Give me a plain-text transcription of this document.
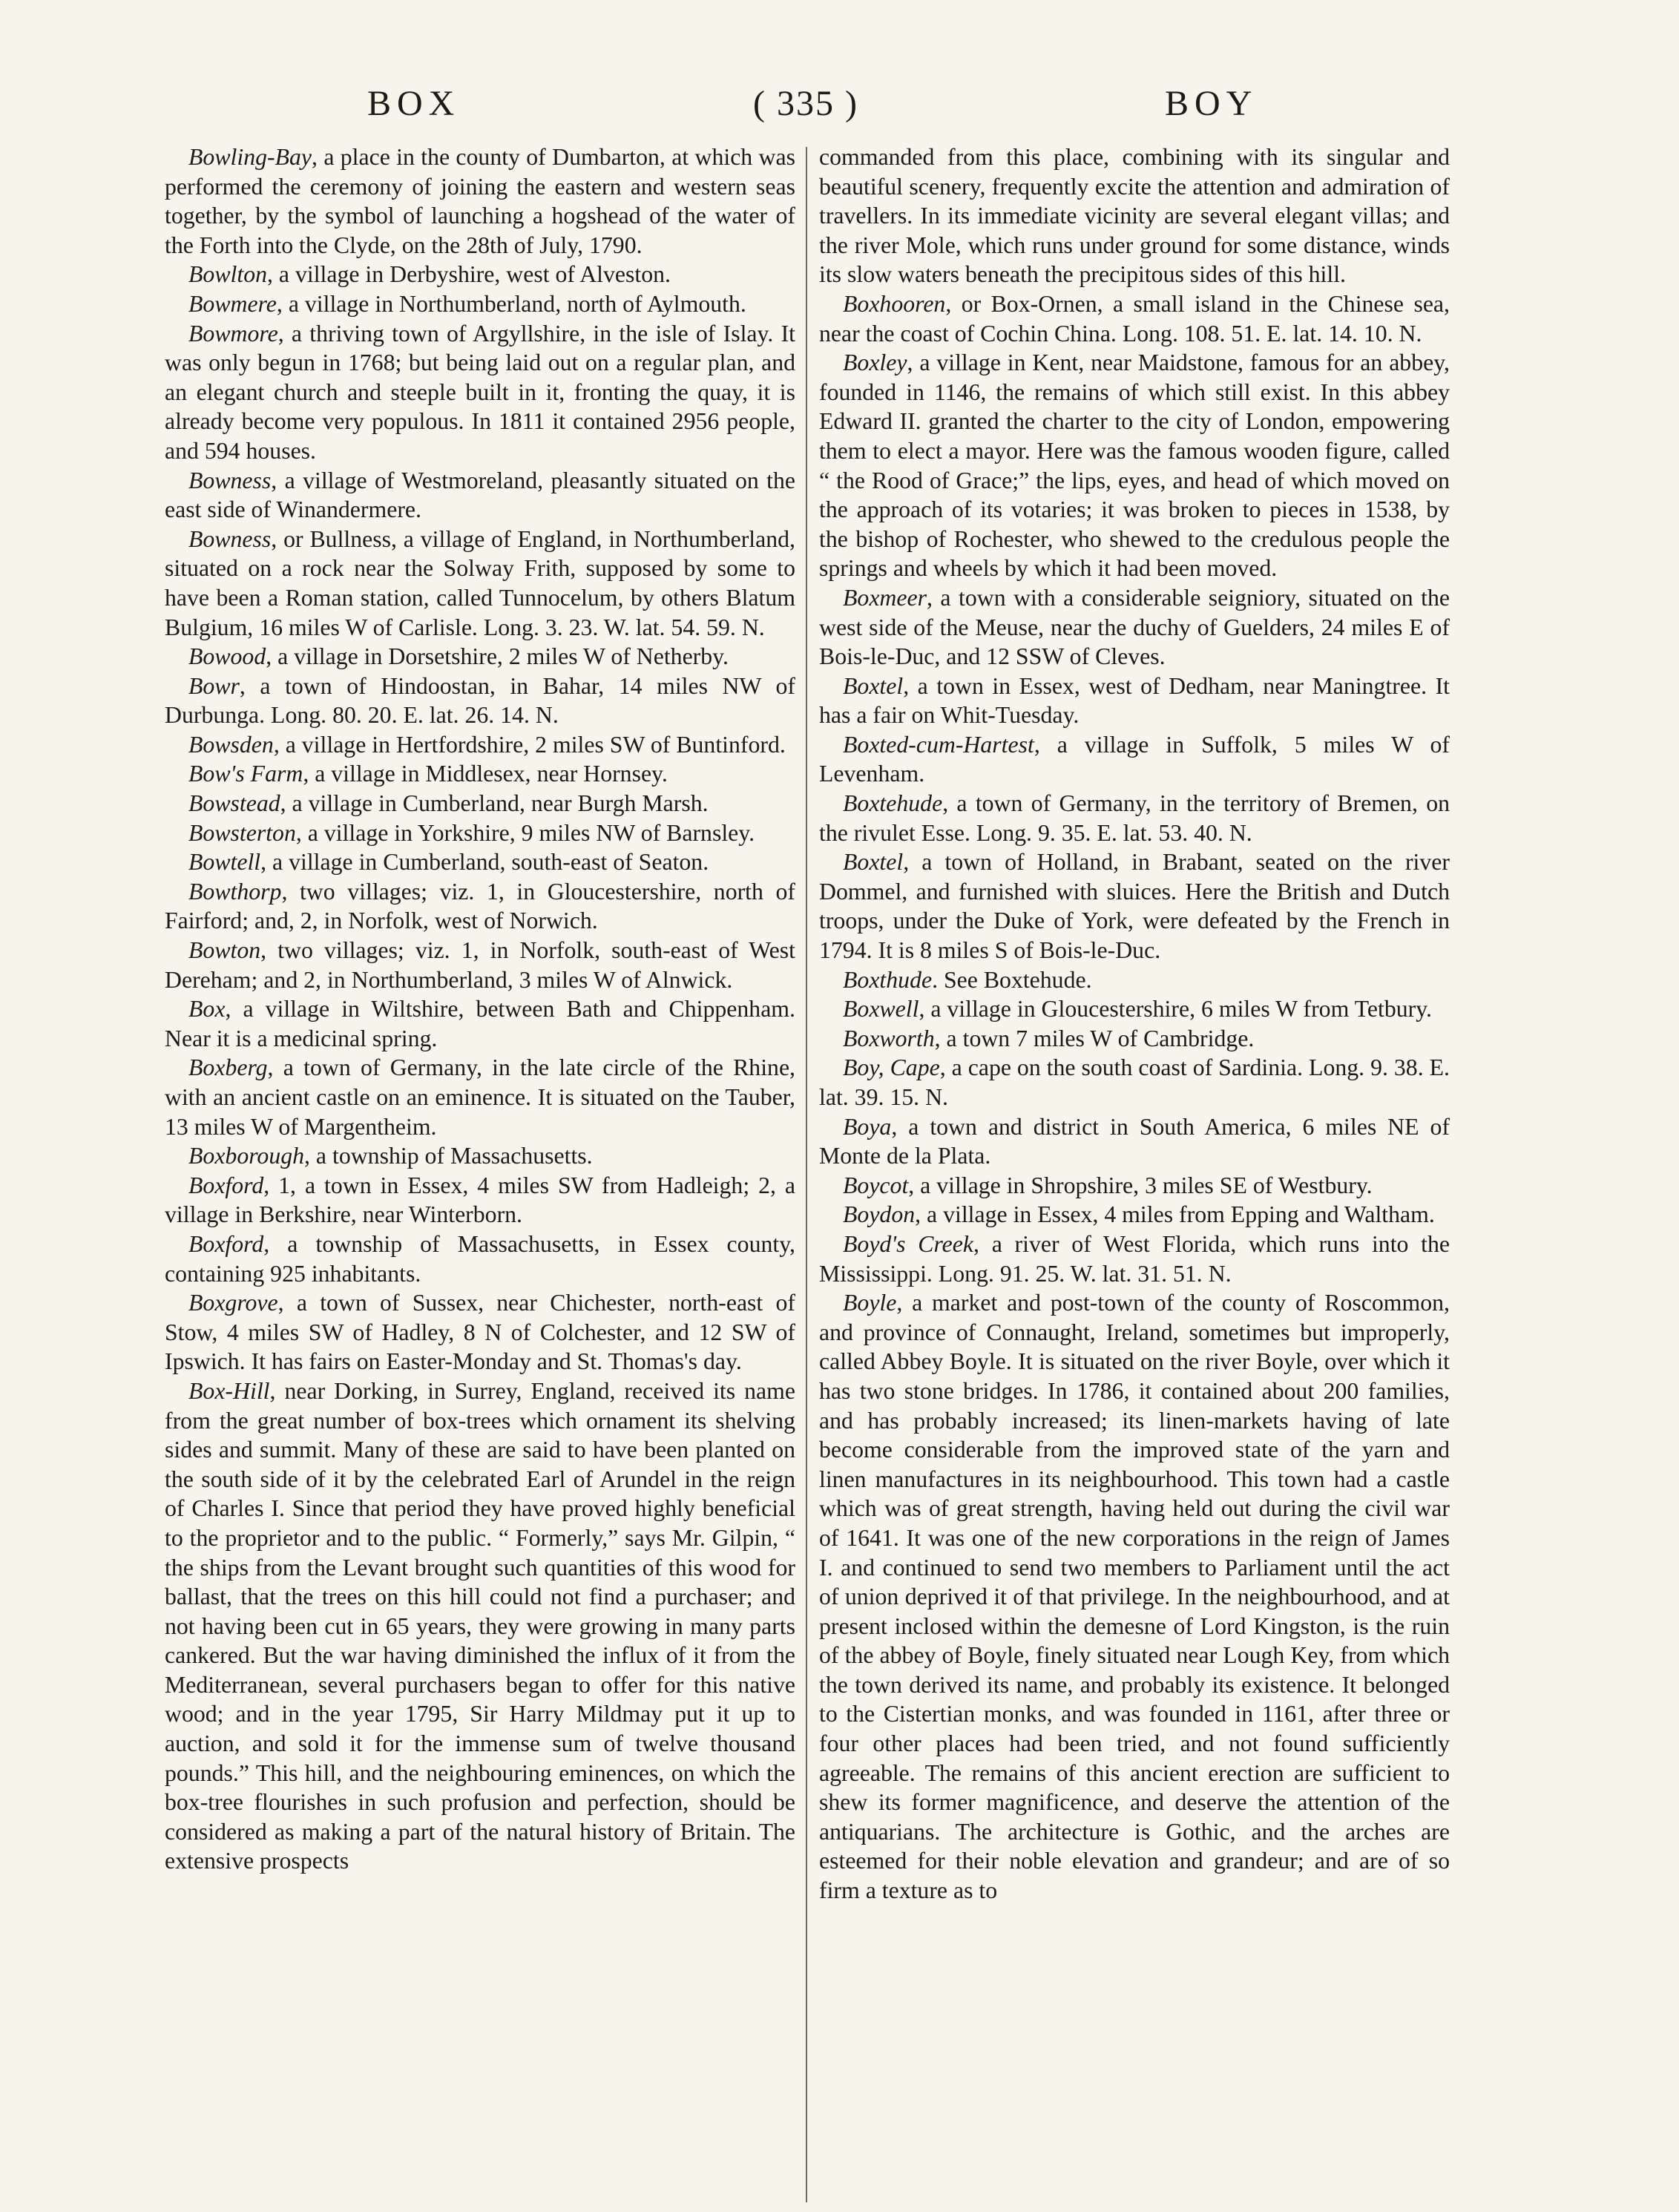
BOX	( 335 )	BOY

Bowling-Bay, a place in the county of Dumbarton, at which was performed the ceremony of joining the eastern and western seas together, by the symbol of launching a hogshead of the water of the Forth into the Clyde, on the 28th of July, 1790.

Bowlton, a village in Derbyshire, west of Alveston.

Bowmere, a village in Northumberland, north of Aylmouth.

Bowmore, a thriving town of Argyllshire, in the isle of Islay. It was only begun in 1768; but being laid out on a regular plan, and an elegant church and steeple built in it, fronting the quay, it is already become very populous. In 1811 it contained 2956 people, and 594 houses.

Bowness, a village of Westmoreland, pleasantly situated on the east side of Winandermere.

Bowness, or Bullness, a village of England, in Northumberland, situated on a rock near the Solway Frith, supposed by some to have been a Roman station, called Tunnocelum, by others Blatum Bulgium, 16 miles W of Carlisle. Long. 3. 23. W. lat. 54. 59. N.

Bowood, a village in Dorsetshire, 2 miles W of Netherby.

Bowr, a town of Hindoostan, in Bahar, 14 miles NW of Durbunga. Long. 80. 20. E. lat. 26. 14. N.

Bowsden, a village in Hertfordshire, 2 miles SW of Buntinford.

Bow's Farm, a village in Middlesex, near Hornsey.

Bowstead, a village in Cumberland, near Burgh Marsh.

Bowsterton, a village in Yorkshire, 9 miles NW of Barnsley.

Bowtell, a village in Cumberland, south-east of Seaton.

Bowthorp, two villages; viz. 1, in Gloucestershire, north of Fairford; and, 2, in Norfolk, west of Norwich.

Bowton, two villages; viz. 1, in Norfolk, south-east of West Dereham; and 2, in Northumberland, 3 miles W of Alnwick.

Box, a village in Wiltshire, between Bath and Chippenham. Near it is a medicinal spring.

Boxberg, a town of Germany, in the late circle of the Rhine, with an ancient castle on an eminence. It is situated on the Tauber, 13 miles W of Margentheim.

Boxborough, a township of Massachusetts.

Boxford, 1, a town in Essex, 4 miles SW from Hadleigh; 2, a village in Berkshire, near Winterborn.

Boxford, a township of Massachusetts, in Essex county, containing 925 inhabitants.

Boxgrove, a town of Sussex, near Chichester, north-east of Stow, 4 miles SW of Hadley, 8 N of Colchester, and 12 SW of Ipswich. It has fairs on Easter-Monday and St. Thomas's day.

Box-Hill, near Dorking, in Surrey, England, received its name from the great number of box-trees which ornament its shelving sides and summit. Many of these are said to have been planted on the south side of it by the celebrated Earl of Arundel in the reign of Charles I. Since that period they have proved highly beneficial to the proprietor and to the public. “ Formerly,” says Mr. Gilpin, “ the ships from the Levant brought such quantities of this wood for ballast, that the trees on this hill could not find a purchaser; and not having been cut in 65 years, they were growing in many parts cankered. But the war having diminished the influx of it from the Mediterranean, several purchasers began to offer for this native wood; and in the year 1795, Sir Harry Mildmay put it up to auction, and sold it for the immense sum of twelve thousand pounds.” This hill, and the neighbouring eminences, on which the box-tree flourishes in such profusion and perfection, should be considered as making a part of the natural history of Britain. The extensive prospects

commanded from this place, combining with its singular and beautiful scenery, frequently excite the attention and admiration of travellers. In its immediate vicinity are several elegant villas; and the river Mole, which runs under ground for some distance, winds its slow waters beneath the precipitous sides of this hill.

Boxhooren, or Box-Ornen, a small island in the Chinese sea, near the coast of Cochin China. Long. 108. 51. E. lat. 14. 10. N.

Boxley, a village in Kent, near Maidstone, famous for an abbey, founded in 1146, the remains of which still exist. In this abbey Edward II. granted the charter to the city of London, empowering them to elect a mayor. Here was the famous wooden figure, called “ the Rood of Grace;” the lips, eyes, and head of which moved on the approach of its votaries; it was broken to pieces in 1538, by the bishop of Rochester, who shewed to the credulous people the springs and wheels by which it had been moved.

Boxmeer, a town with a considerable seigniory, situated on the west side of the Meuse, near the duchy of Guelders, 24 miles E of Bois-le-Duc, and 12 SSW of Cleves.

Boxtel, a town in Essex, west of Dedham, near Maningtree. It has a fair on Whit-Tuesday.

Boxted-cum-Hartest, a village in Suffolk, 5 miles W of Levenham.

Boxtehude, a town of Germany, in the territory of Bremen, on the rivulet Esse. Long. 9. 35. E. lat. 53. 40. N.

Boxtel, a town of Holland, in Brabant, seated on the river Dommel, and furnished with sluices. Here the British and Dutch troops, under the Duke of York, were defeated by the French in 1794. It is 8 miles S of Bois-le-Duc.

Boxthude. See Boxtehude.

Boxwell, a village in Gloucestershire, 6 miles W from Tetbury.

Boxworth, a town 7 miles W of Cambridge.

Boy, Cape, a cape on the south coast of Sardinia. Long. 9. 38. E. lat. 39. 15. N.

Boya, a town and district in South America, 6 miles NE of Monte de la Plata.

Boycot, a village in Shropshire, 3 miles SE of Westbury.

Boydon, a village in Essex, 4 miles from Epping and Waltham.

Boyd's Creek, a river of West Florida, which runs into the Mississippi. Long. 91. 25. W. lat. 31. 51. N.

Boyle, a market and post-town of the county of Roscommon, and province of Connaught, Ireland, sometimes but improperly, called Abbey Boyle. It is situated on the river Boyle, over which it has two stone bridges. In 1786, it contained about 200 families, and has probably increased; its linen-markets having of late become considerable from the improved state of the yarn and linen manufactures in its neighbourhood. This town had a castle which was of great strength, having held out during the civil war of 1641. It was one of the new corporations in the reign of James I. and continued to send two members to Parliament until the act of union deprived it of that privilege. In the neighbourhood, and at present inclosed within the demesne of Lord Kingston, is the ruin of the abbey of Boyle, finely situated near Lough Key, from which the town derived its name, and probably its existence. It belonged to the Cistertian monks, and was founded in 1161, after three or four other places had been tried, and not found sufficiently agreeable. The remains of this ancient erection are sufficient to shew its former magnificence, and deserve the attention of the antiquarians. The architecture is Gothic, and the arches are esteemed for their noble elevation and grandeur; and are of so firm a texture as to
